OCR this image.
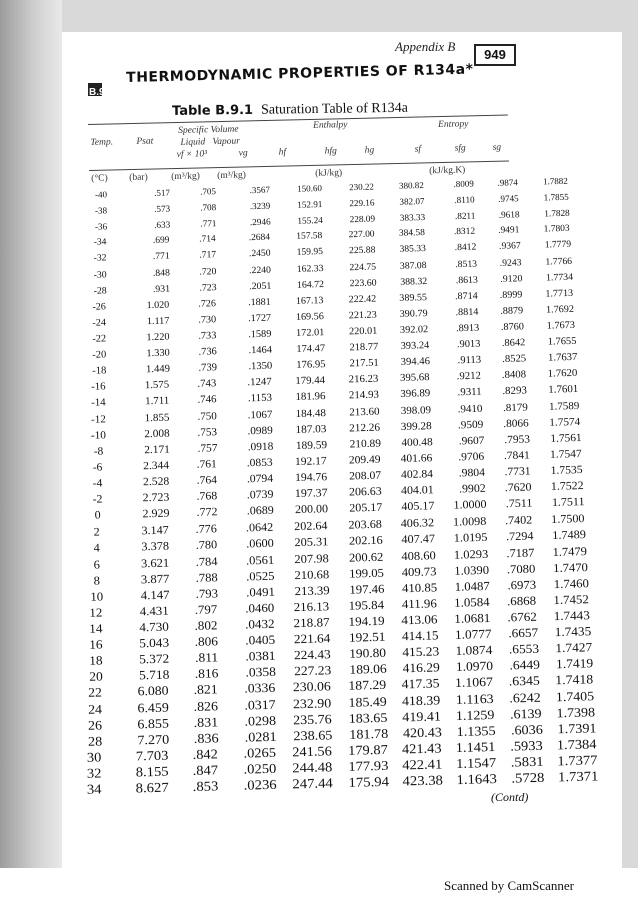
Appendix B
949
B.9
THERMODYNAMIC PROPERTIES OF R134a*
Table B.9.1 Saturation Table of R134a
Temp. Psat
Specific Volume
Liquid Vapour
vf × 10³	vg
Enthalpy
hf	hfg	hg
Entropy
sf	sfg	sg
(°C) (bar) (m³/kg) (m³/kg)	(kJ/kg)	(kJ/kg.K)
-40	.517	.705	.3567	150.60	230.22	380.82	.8009	.9874	1.7882
-38	.573	.708	.3239	152.91	229.16	382.07	.8110	.9745	1.7855
-36	.633	.771	.2946	155.24	228.09	383.33	.8211	.9618	1.7828
-34	.699	.714	.2684	157.58	227.00	384.58	.8312	.9491	1.7803
-32	.771	.717	.2450	159.95	225.88	385.33	.8412	.9367	1.7779
-30	.848	.720	.2240	162.33	224.75	387.08	.8513	.9243	1.7766
-28	.931	.723	.2051	164.72	223.60	388.32	.8613	.9120	1.7734
-26	1.020	.726	.1881	167.13	222.42	389.55	.8714	.8999	1.7713
-24	1.117	.730	.1727	169.56	221.23	390.79	.8814	.8879	1.7692
-22	1.220	.733	.1589	172.01	220.01	392.02	.8913	.8760	1.7673
-20	1.330	.736	.1464	174.47	218.77	393.24	.9013	.8642	1.7655
-18	1.449	.739	.1350	176.95	217.51	394.46	.9113	.8525	1.7637
-16	1.575	.743	.1247	179.44	216.23	395.68	.9212	.8408	1.7620
-14	1.711	.746	.1153	181.96	214.93	396.89	.9311	.8293	1.7601
-12	1.855	.750	.1067	184.48	213.60	398.09	.9410	.8179	1.7589
-10	2.008	.753	.0989	187.03	212.26	399.28	.9509	.8066	1.7574
-8	2.171	.757	.0918	189.59	210.89	400.48	.9607	.7953	1.7561
-6	2.344	.761	.0853	192.17	209.49	401.66	.9706	.7841	1.7547
-4	2.528	.764	.0794	194.76	208.07	402.84	.9804	.7731	1.7535
-2	2.723	.768	.0739	197.37	206.63	404.01	.9902	.7620	1.7522
0	2.929	.772	.0689	200.00	205.17	405.17	1.0000	.7511	1.7511
2	3.147	.776	.0642	202.64	203.68	406.32	1.0098	.7402	1.7500
4	3.378	.780	.0600	205.31	202.16	407.47	1.0195	.7294	1.7489
6	3.621	.784	.0561	207.98	200.62	408.60	1.0293	.7187	1.7479
8	3.877	.788	.0525	210.68	199.05	409.73	1.0390	.7080	1.7470
10	4.147	.793	.0491	213.39	197.46	410.85	1.0487	.6973	1.7460
12	4.431	.797	.0460	216.13	195.84	411.96	1.0584	.6868	1.7452
14	4.730	.802	.0432	218.87	194.19	413.06	1.0681	.6762	1.7443
16	5.043	.806	.0405	221.64	192.51	414.15	1.0777	.6657	1.7435
18	5.372	.811	.0381	224.43	190.80	415.23	1.0874	.6553	1.7427
20	5.718	.816	.0358	227.23	189.06	416.29	1.0970	.6449	1.7419
22	6.080	.821	.0336	230.06	187.29	417.35	1.1067	.6345	1.7418
24	6.459	.826	.0317	232.90	185.49	418.39	1.1163	.6242	1.7405
26	6.855	.831	.0298	235.76	183.65	419.41	1.1259	.6139	1.7398
28	7.270	.836	.0281	238.65	181.78	420.43	1.1355	.6036	1.7391
30	7.703	.842	.0265	241.56	179.87	421.43	1.1451	.5933	1.7384
32	8.155	.847	.0250	244.48	177.93 422.41 1.1547	.5831 1.7377
34	8.627	.853	.0236	247.44	175.94 423.38 1.1643	.5728 1.7371
(Contd)
Scanned by CamScanner
